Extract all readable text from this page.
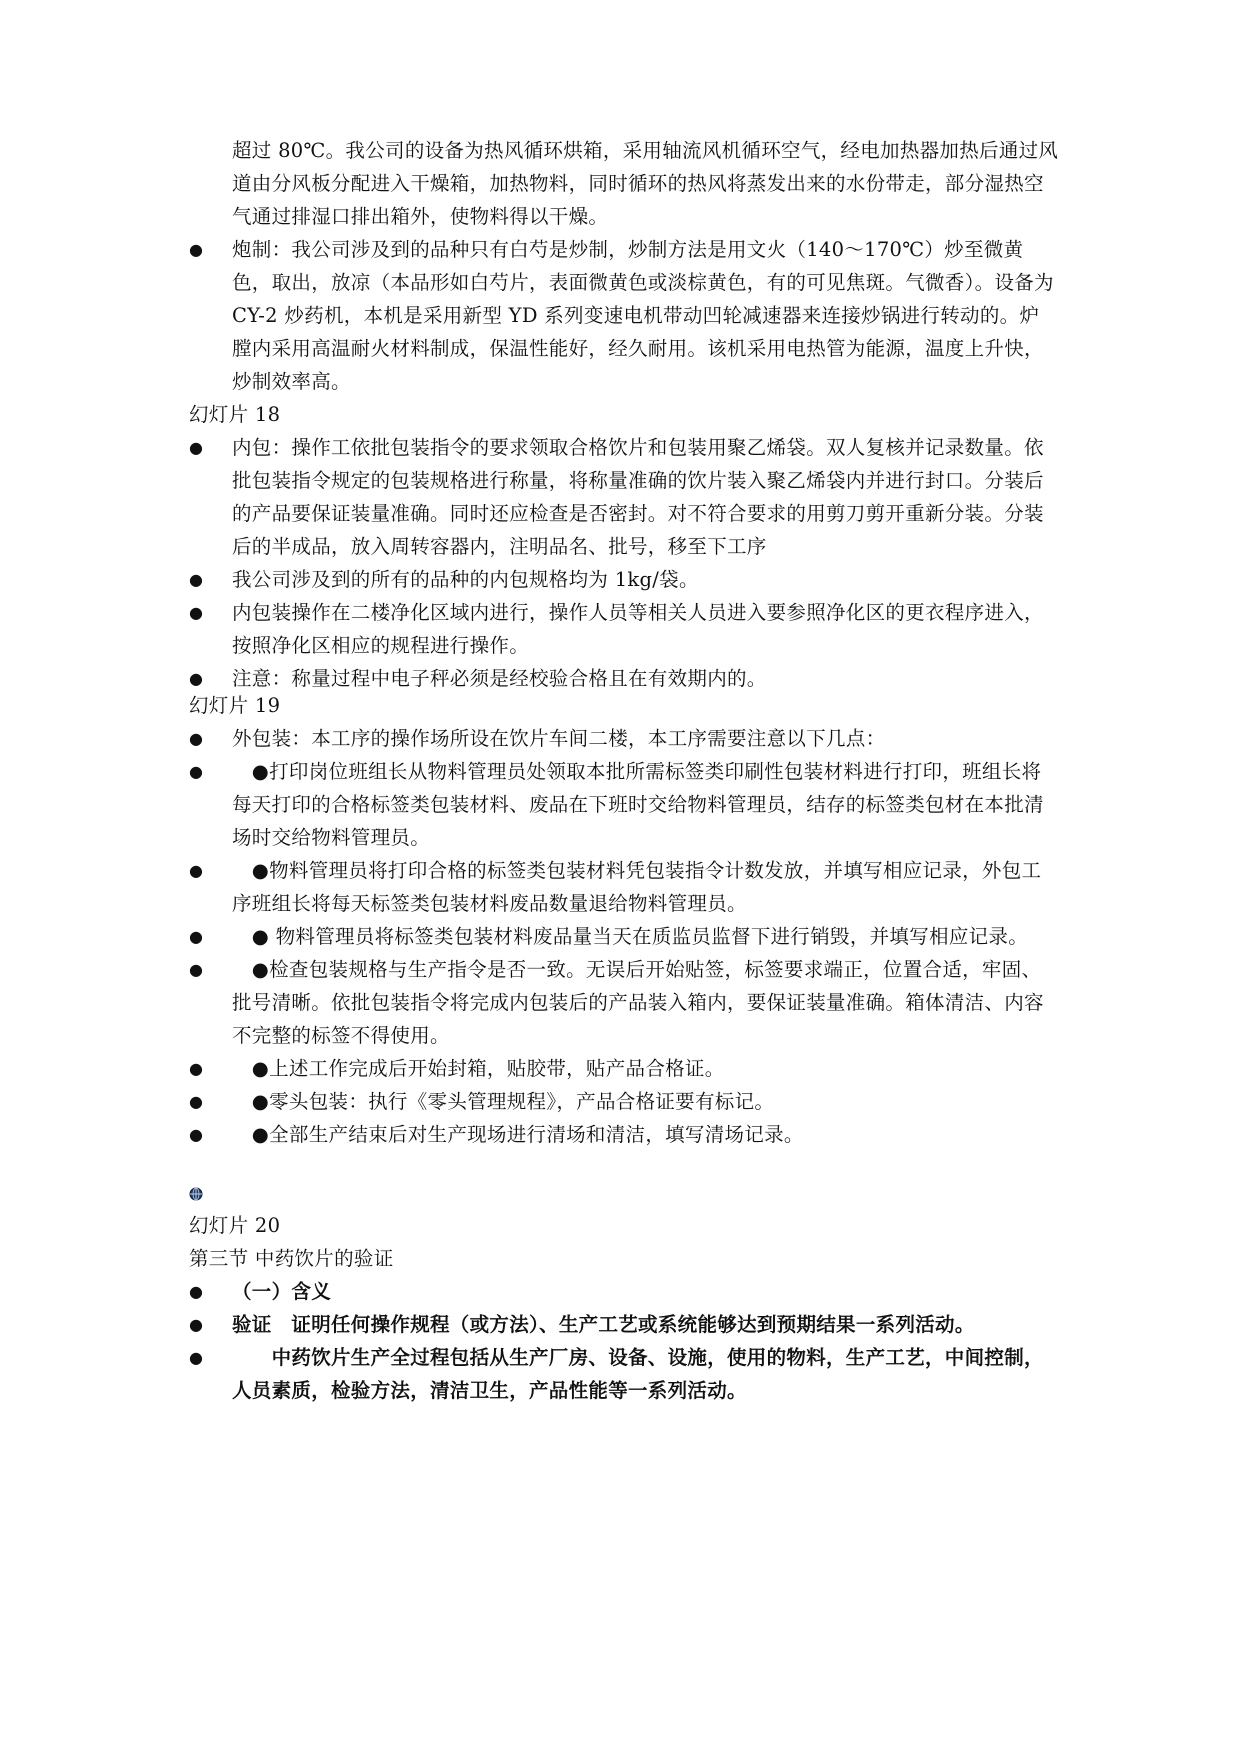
超过 80℃。我公司的设备为热风循环烘箱，采用轴流风机循环空气，经电加热器加热后通过风道由分风板分配进入干燥箱，加热物料，同时循环的热风将蒸发出来的水份带走，部分湿热空气通过排湿口排出箱外，使物料得以干燥。

● 炮制：我公司涉及到的品种只有白芍是炒制，炒制方法是用文火（140～170℃）炒至微黄色，取出，放凉（本品形如白芍片，表面微黄色或淡棕黄色，有的可见焦斑。气微香）。设备为 CY-2 炒药机，本机是采用新型 YD 系列变速电机带动凹轮减速器来连接炒锅进行转动的。炉膛内采用高温耐火材料制成，保温性能好，经久耐用。该机采用电热管为能源，温度上升快，炒制效率高。

幻灯片 18

● 内包：操作工依批包装指令的要求领取合格饮片和包装用聚乙烯袋。双人复核并记录数量。依批包装指令规定的包装规格进行称量，将称量准确的饮片装入聚乙烯袋内并进行封口。分装后的产品要保证装量准确。同时还应检查是否密封。对不符合要求的用剪刀剪开重新分装。分装后的半成品，放入周转容器内，注明品名、批号，移至下工序
● 我公司涉及到的所有的品种的内包规格均为 1kg/袋。
● 内包装操作在二楼净化区域内进行，操作人员等相关人员进入要参照净化区的更衣程序进入，按照净化区相应的规程进行操作。
● 注意：称量过程中电子秤必须是经校验合格且在有效期内的。

幻灯片 19

● 外包装：本工序的操作场所设在饮片车间二楼，本工序需要注意以下几点：
● 　●打印岗位班组长从物料管理员处领取本批所需标签类印刷性包装材料进行打印，班组长将每天打印的合格标签类包装材料、废品在下班时交给物料管理员，结存的标签类包材在本批清场时交给物料管理员。
● 　●物料管理员将打印合格的标签类包装材料凭包装指令计数发放，并填写相应记录，外包工序班组长将每天标签类包装材料废品数量退给物料管理员。
● 　● 物料管理员将标签类包装材料废品量当天在质监员监督下进行销毁，并填写相应记录。
● 　●检查包装规格与生产指令是否一致。无误后开始贴签，标签要求端正，位置合适，牢固、批号清晰。依批包装指令将完成内包装后的产品装入箱内，要保证装量准确。箱体清洁、内容不完整的标签不得使用。
● 　●上述工作完成后开始封箱，贴胶带，贴产品合格证。
● 　●零头包装：执行《零头管理规程》，产品合格证要有标记。
● 　●全部生产结束后对生产现场进行清场和清洁，填写清场记录。

幻灯片 20

第三节 中药饮片的验证

● （一）含义
● 验证　证明任何操作规程（或方法）、生产工艺或系统能够达到预期结果一系列活动。
● 　　中药饮片生产全过程包括从生产厂房、设备、设施，使用的物料，生产工艺，中间控制，人员素质，检验方法，清洁卫生，产品性能等一系列活动。
